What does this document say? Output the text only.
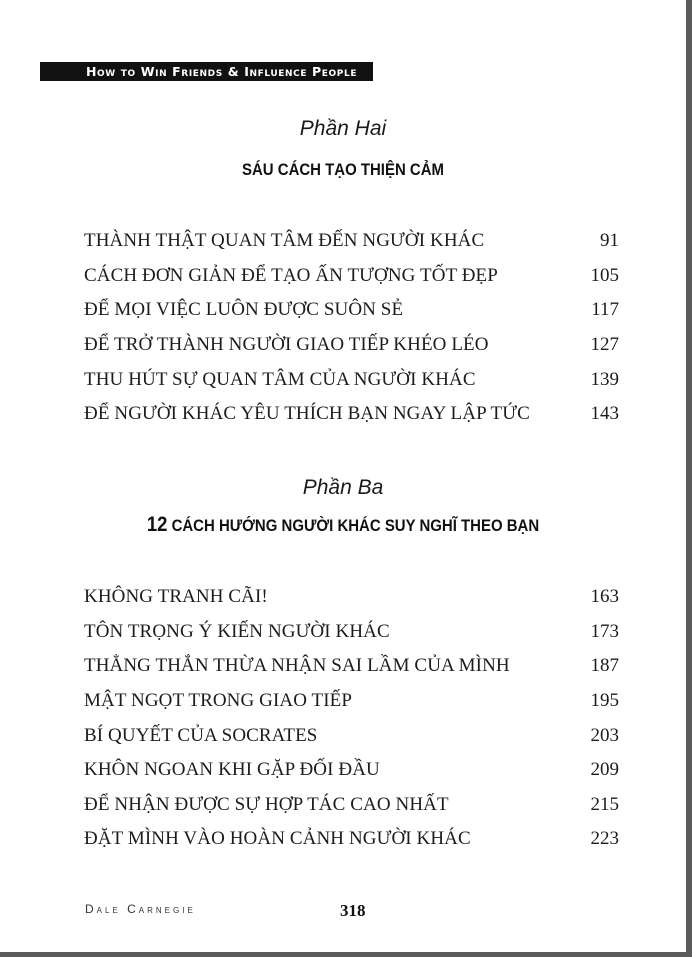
How to Win Friends & Influence People
Phần Hai
SÁU CÁCH TẠO THIỆN CẢM
THÀNH THẬT QUAN TÂM ĐẾN NGƯỜI KHÁC	91
CÁCH ĐƠN GIẢN ĐỂ TẠO ẤN TƯỢNG TỐT ĐẸP	105
ĐỂ MỌI VIỆC LUÔN ĐƯỢC SUÔN SẺ	117
ĐỂ TRỞ THÀNH NGƯỜI GIAO TIẾP KHÉO LÉO	127
THU HÚT SỰ QUAN TÂM CỦA NGƯỜI KHÁC	139
ĐỂ NGƯỜI KHÁC YÊU THÍCH BẠN NGAY LẬP TỨC	143
Phần Ba
12 CÁCH HƯỚNG NGƯỜI KHÁC SUY NGHĨ THEO BẠN
KHÔNG TRANH CÃI!	163
TÔN TRỌNG Ý KIẾN NGƯỜI KHÁC	173
THẲNG THẮN THỪA NHẬN SAI LẦM CỦA MÌNH	187
MẬT NGỌT TRONG GIAO TIẾP	195
BÍ QUYẾT CỦA SOCRATES	203
KHÔN NGOAN KHI GẶP ĐỐI ĐẦU	209
ĐỂ NHẬN ĐƯỢC SỰ HỢP TÁC CAO NHẤT	215
ĐẶT MÌNH VÀO HOÀN CẢNH NGƯỜI KHÁC	223
Dale Carnegie	318
